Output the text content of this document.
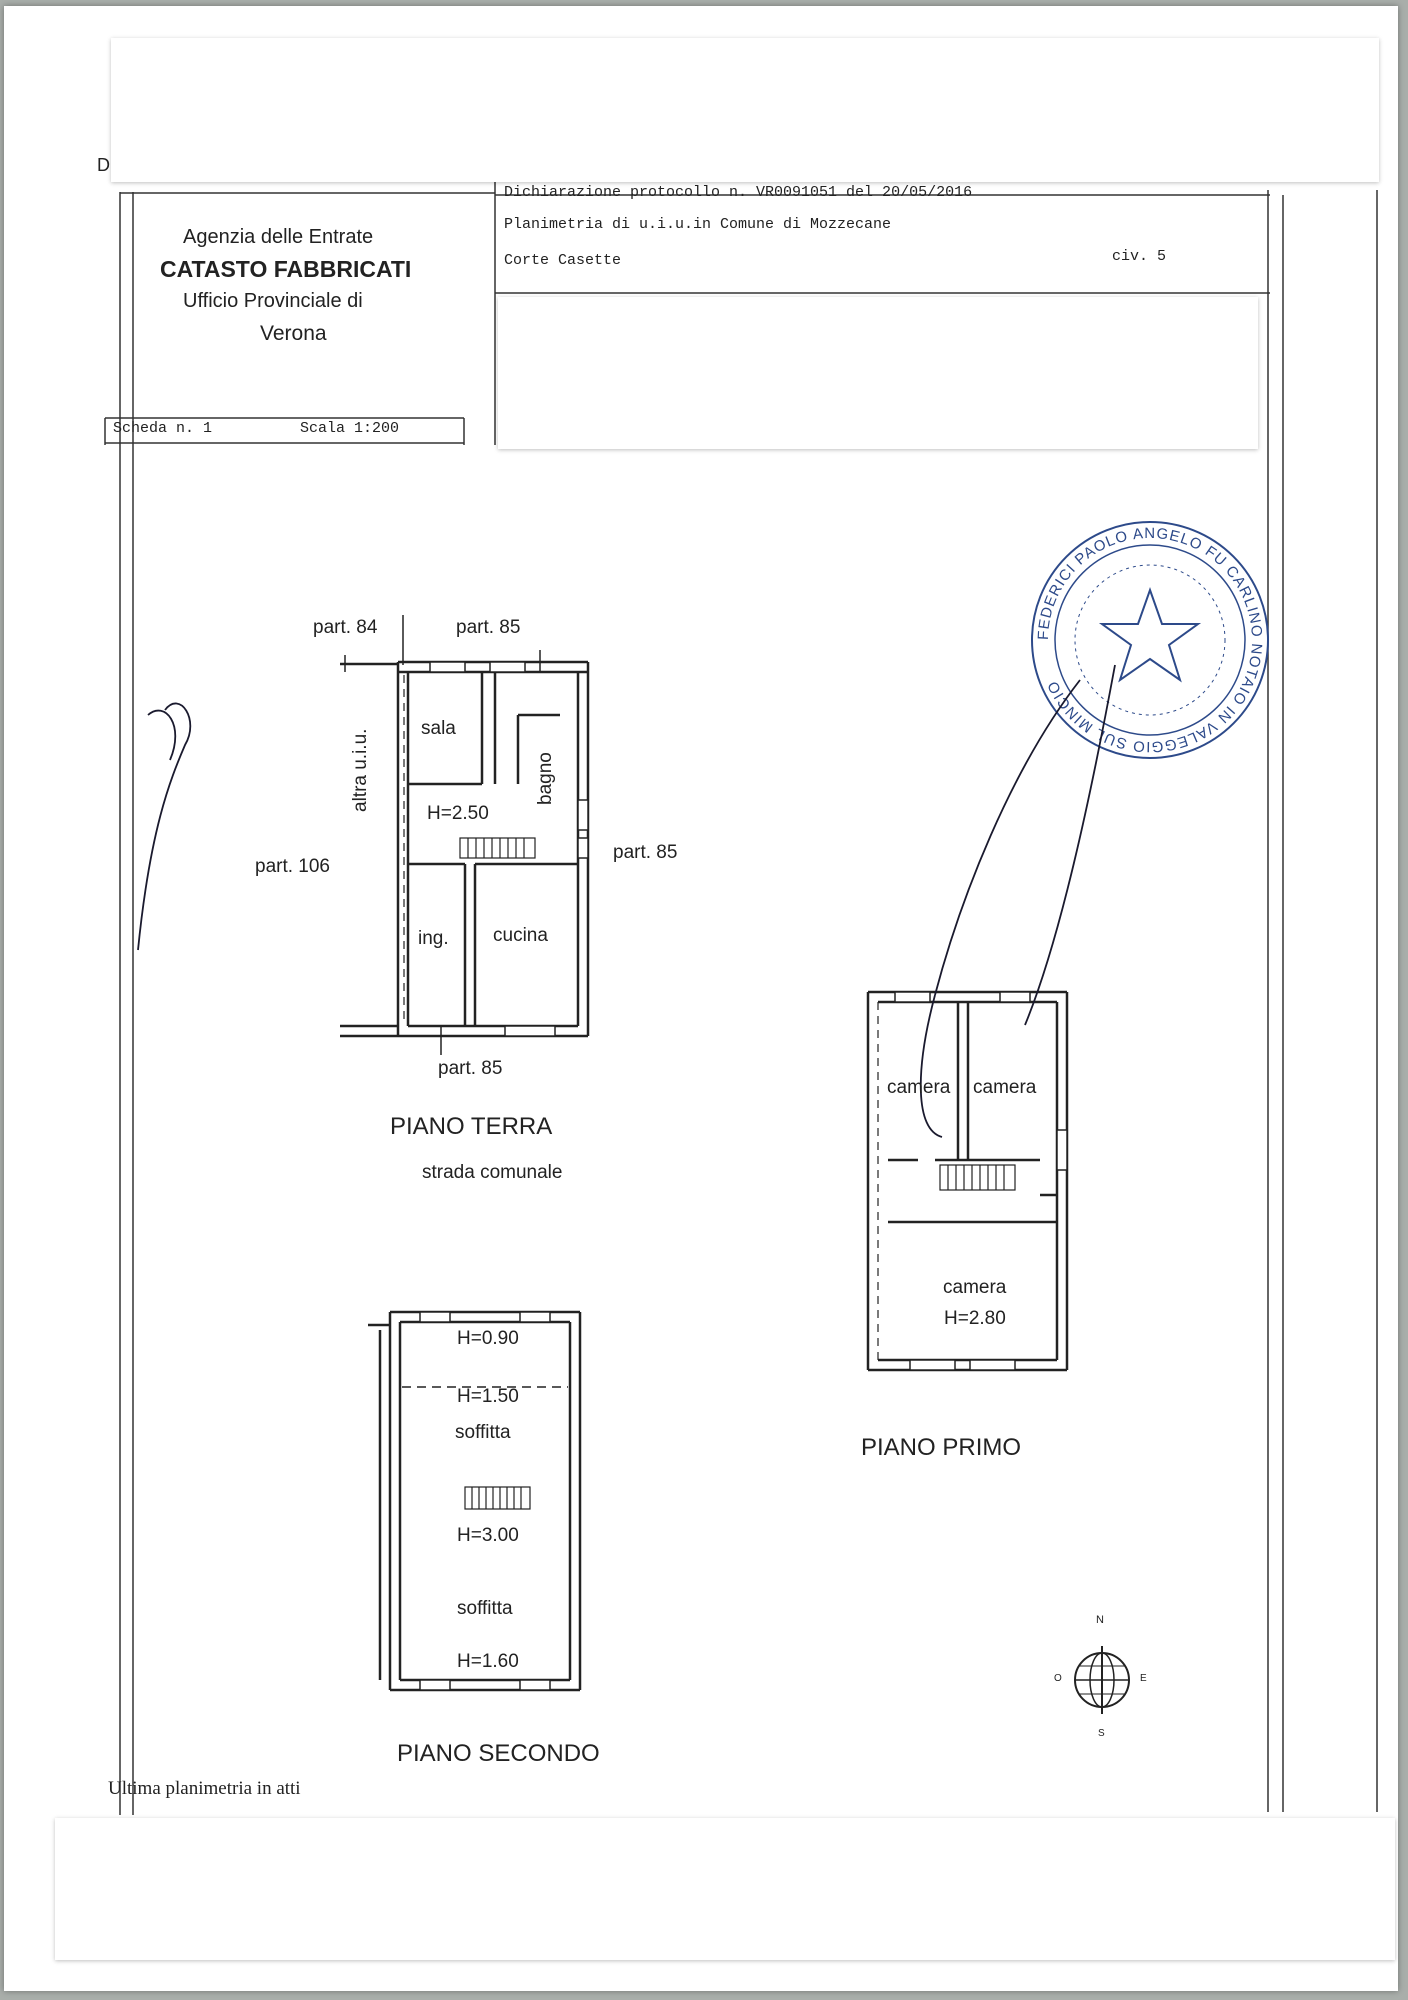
FEDERICI PAOLO ANGELO FU CARLINO NOTAIO IN VALEGGIO SUL MINCIO
Agenzia delle Entrate
CATASTO FABBRICATI
Ufficio Provinciale di
Verona
D
Dichiarazione protocollo n. VR0091051 del 20/05/2016
Planimetria di u.i.u.in Comune di Mozzecane
Corte Casette	civ. 5
Scheda n. 1	Scala 1:200
part. 84	part. 85
part. 85
part. 85
part. 106
altra u.i.u.
sala
bagno
H=2.50
ing. cucina
PIANO TERRA
strada comunale
camera camera
camera
H=2.80
PIANO PRIMO
H=0.90
H=1.50
soffitta
H=3.00
soffitta
H=1.60
PIANO SECONDO
N
S
O	E
Ultima planimetria in atti
